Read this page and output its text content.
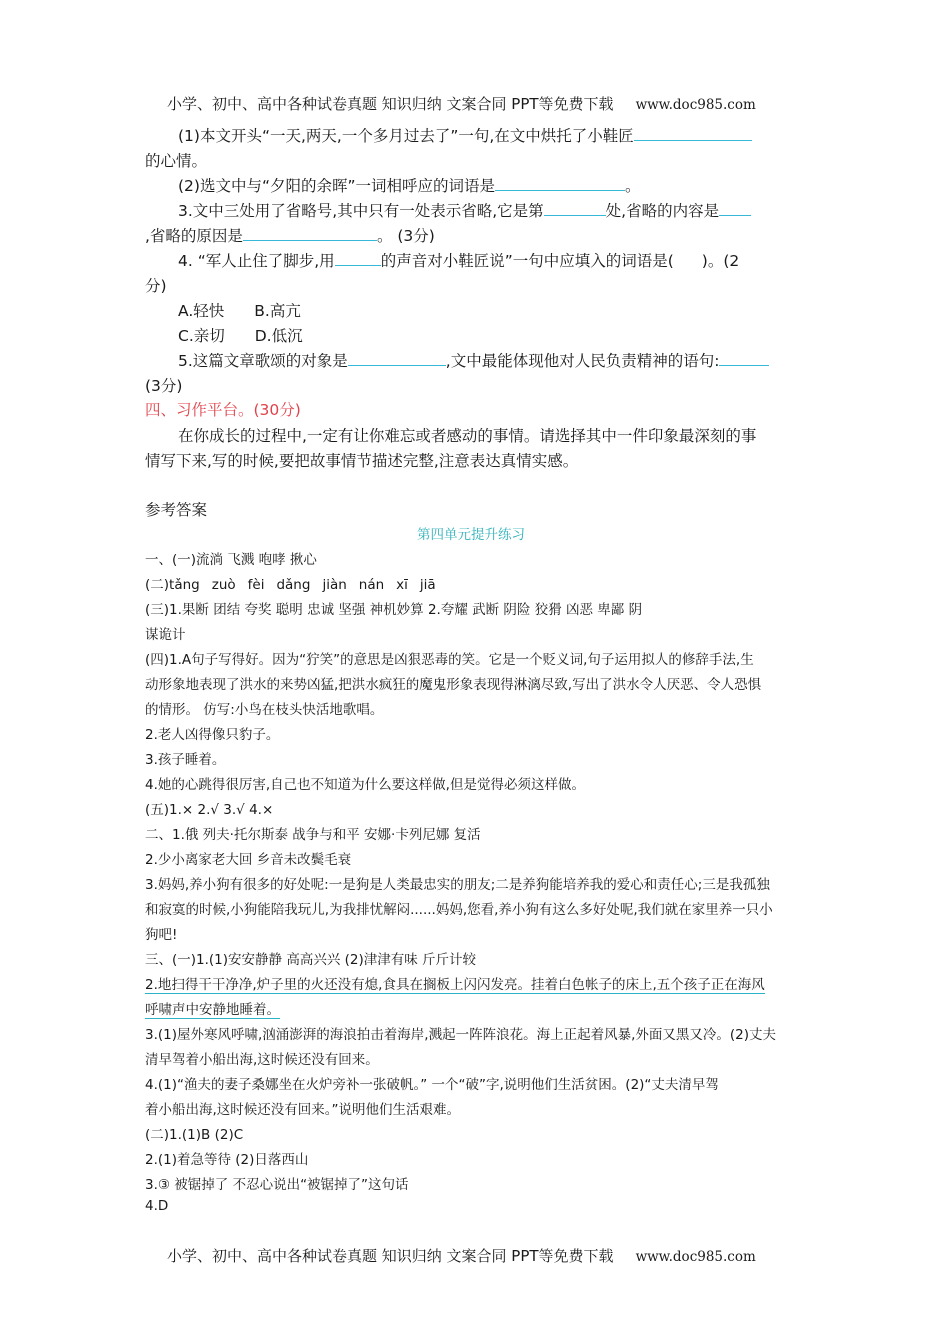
小学、初中、高中各种试卷真题 知识归纳 文案合同 PPT等免费下载 www.doc985.com
(1)本文开头“一天,两天,一个多月过去了”一句,在文中烘托了小鞋匠
的心情。
(2)选文中与“夕阳的余晖”一词相呼应的词语是	。
3.文中三处用了省略号,其中只有一处表示省略,它是第	处,省略的内容是
,省略的原因是	。 (3分)
4. “军人止住了脚步,用	的声音对小鞋匠说”一句中应填入的词语是( )。(2
分)
A.轻快 B.高亢
C.亲切 D.低沉
5.这篇文章歌颂的对象是	,文中最能体现他对人民负责精神的语句:
(3分)
四、习作平台。(30分)
在你成长的过程中,一定有让你难忘或者感动的事情。请选择其中一件印象最深刻的事
情写下来,写的时候,要把故事情节描述完整,注意表达真情实感。
参考答案
第四单元提升练习
一、(一)流淌 飞溅 咆哮 揪心
(二)tǎng zuò fèi dǎng jiàn nán xī jiā
(三)1.果断 团结 夸奖 聪明 忠诚 坚强 神机妙算 2.夸耀 武断 阴险 狡猾 凶恶 卑鄙 阴
谋诡计
(四)1.A句子写得好。因为“狞笑”的意思是凶狠恶毒的笑。它是一个贬义词,句子运用拟人的修辞手法,生
动形象地表现了洪水的来势凶猛,把洪水疯狂的魔鬼形象表现得淋漓尽致,写出了洪水令人厌恶、令人恐惧
的情形。 仿写:小鸟在枝头快活地歌唱。
2.老人凶得像只豹子。
3.孩子睡着。
4.她的心跳得很厉害,自己也不知道为什么要这样做,但是觉得必须这样做。
(五)1.× 2.√ 3.√ 4.×
二、1.俄 列夫·托尔斯泰 战争与和平 安娜·卡列尼娜 复活
2.少小离家老大回 乡音未改鬓毛衰
3.妈妈,养小狗有很多的好处呢:一是狗是人类最忠实的朋友;二是养狗能培养我的爱心和责任心;三是我孤独
和寂寞的时候,小狗能陪我玩儿,为我排忧解闷......妈妈,您看,养小狗有这么多好处呢,我们就在家里养一只小
狗吧!
三、(一)1.(1)安安静静 高高兴兴 (2)津津有味 斤斤计较
2.地扫得干干净净,炉子里的火还没有熄,食具在搁板上闪闪发亮。挂着白色帐子的床上,五个孩子正在海风
呼啸声中安静地睡着。
3.(1)屋外寒风呼啸,汹涌澎湃的海浪拍击着海岸,溅起一阵阵浪花。海上正起着风暴,外面又黑又冷。(2)丈夫
清早驾着小船出海,这时候还没有回来。
4.(1)“渔夫的妻子桑娜坐在火炉旁补一张破帆。” 一个“破”字,说明他们生活贫困。(2)“丈夫清早驾
着小船出海,这时候还没有回来。”说明他们生活艰难。
(二)1.(1)B (2)C
2.(1)着急等待 (2)日落西山
3.③ 被锯掉了 不忍心说出“被锯掉了”这句话
4.D
小学、初中、高中各种试卷真题 知识归纳 文案合同 PPT等免费下载 www.doc985.com
